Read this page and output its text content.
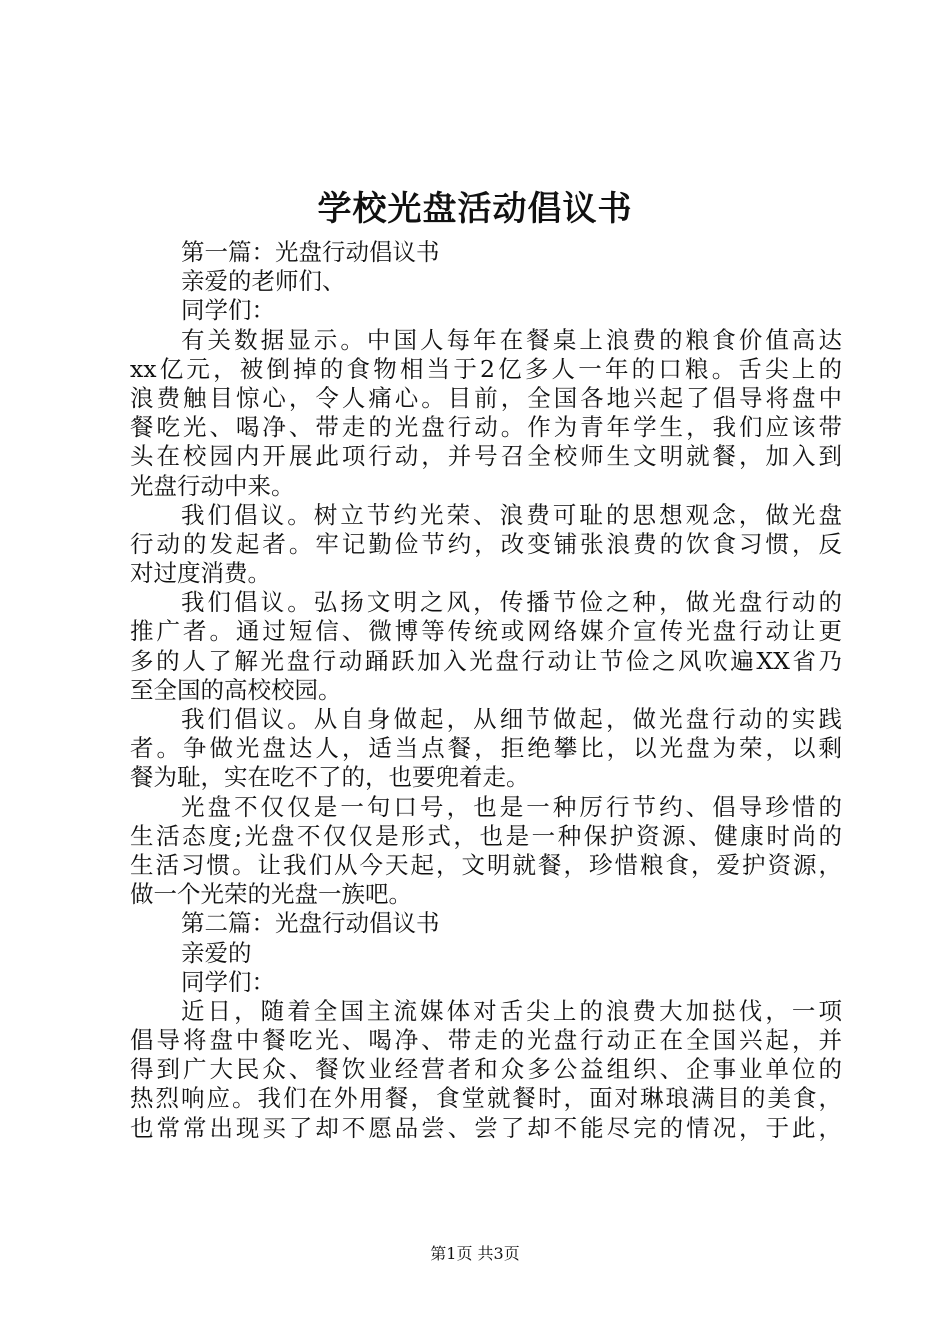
学校光盘活动倡议书
第一篇：光盘行动倡议书
亲爱的老师们、
同学们：
有关数据显示。中国人每年在餐桌上浪费的粮食价值高达
xx亿元，被倒掉的食物相当于2亿多人一年的口粮。舌尖上的
浪费触目惊心，令人痛心。目前，全国各地兴起了倡导将盘中
餐吃光、喝净、带走的光盘行动。作为青年学生，我们应该带
头在校园内开展此项行动，并号召全校师生文明就餐，加入到
光盘行动中来。
我们倡议。树立节约光荣、浪费可耻的思想观念，做光盘
行动的发起者。牢记勤俭节约，改变铺张浪费的饮食习惯，反
对过度消费。
我们倡议。弘扬文明之风，传播节俭之种，做光盘行动的
推广者。通过短信、微博等传统或网络媒介宣传光盘行动让更
多的人了解光盘行动踊跃加入光盘行动让节俭之风吹遍XX省乃
至全国的高校校园。
我们倡议。从自身做起，从细节做起，做光盘行动的实践
者。争做光盘达人，适当点餐，拒绝攀比，以光盘为荣，以剩
餐为耻，实在吃不了的，也要兜着走。
光盘不仅仅是一句口号，也是一种厉行节约、倡导珍惜的
生活态度;光盘不仅仅是形式，也是一种保护资源、健康时尚的
生活习惯。让我们从今天起，文明就餐，珍惜粮食，爱护资源，
做一个光荣的光盘一族吧。
第二篇：光盘行动倡议书
亲爱的
同学们：
近日，随着全国主流媒体对舌尖上的浪费大加挞伐，一项
倡导将盘中餐吃光、喝净、带走的光盘行动正在全国兴起，并
得到广大民众、餐饮业经营者和众多公益组织、企事业单位的
热烈响应。我们在外用餐，食堂就餐时，面对琳琅满目的美食，
也常常出现买了却不愿品尝、尝了却不能尽完的情况，于此，
第1页 共3页
